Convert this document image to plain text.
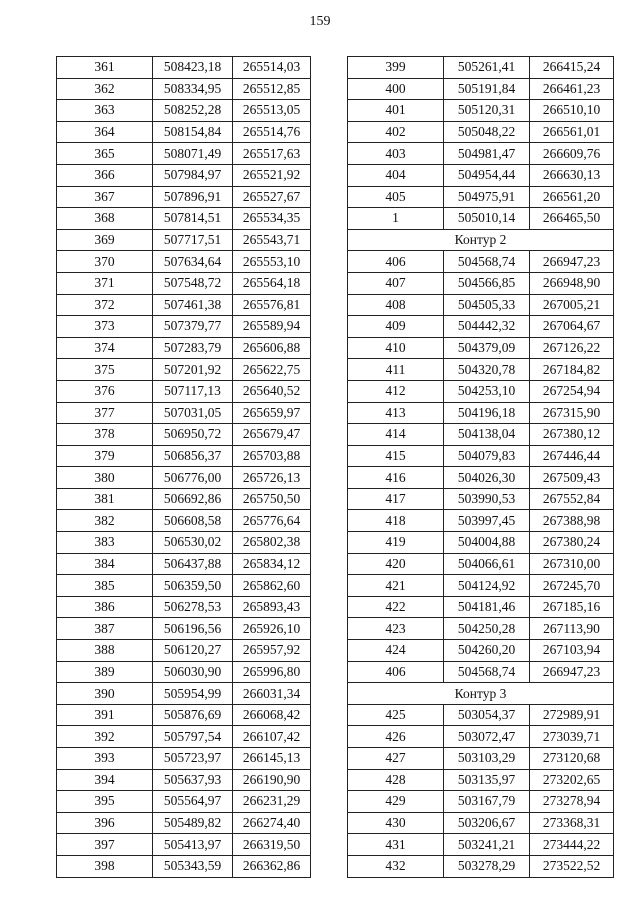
159
361	508423,18	265514,03
362	508334,95	265512,85
363	508252,28	265513,05
364	508154,84	265514,76
365	508071,49	265517,63
366	507984,97	265521,92
367	507896,91	265527,67
368	507814,51	265534,35
369	507717,51	265543,71
370	507634,64	265553,10
371	507548,72	265564,18
372	507461,38	265576,81
373	507379,77	265589,94
374	507283,79	265606,88
375	507201,92	265622,75
376	507117,13	265640,52
377	507031,05	265659,97
378	506950,72	265679,47
379	506856,37	265703,88
380	506776,00	265726,13
381	506692,86	265750,50
382	506608,58	265776,64
383	506530,02	265802,38
384	506437,88	265834,12
385	506359,50	265862,60
386	506278,53	265893,43
387	506196,56	265926,10
388	506120,27	265957,92
389	506030,90	265996,80
390	505954,99	266031,34
391	505876,69	266068,42
392	505797,54	266107,42
393	505723,97	266145,13
394	505637,93	266190,90
395	505564,97	266231,29
396	505489,82	266274,40
397	505413,97	266319,50
398	505343,59	266362,86
399	505261,41	266415,24
400	505191,84	266461,23
401	505120,31	266510,10
402	505048,22	266561,01
403	504981,47	266609,76
404	504954,44	266630,13
405	504975,91	266561,20
1	505010,14	266465,50
Контур 2		
406	504568,74	266947,23
407	504566,85	266948,90
408	504505,33	267005,21
409	504442,32	267064,67
410	504379,09	267126,22
411	504320,78	267184,82
412	504253,10	267254,94
413	504196,18	267315,90
414	504138,04	267380,12
415	504079,83	267446,44
416	504026,30	267509,43
417	503990,53	267552,84
418	503997,45	267388,98
419	504004,88	267380,24
420	504066,61	267310,00
421	504124,92	267245,70
422	504181,46	267185,16
423	504250,28	267113,90
424	504260,20	267103,94
406	504568,74	266947,23
Контур 3		
425	503054,37	272989,91
426	503072,47	273039,71
427	503103,29	273120,68
428	503135,97	273202,65
429	503167,79	273278,94
430	503206,67	273368,31
431	503241,21	273444,22
432	503278,29	273522,52
